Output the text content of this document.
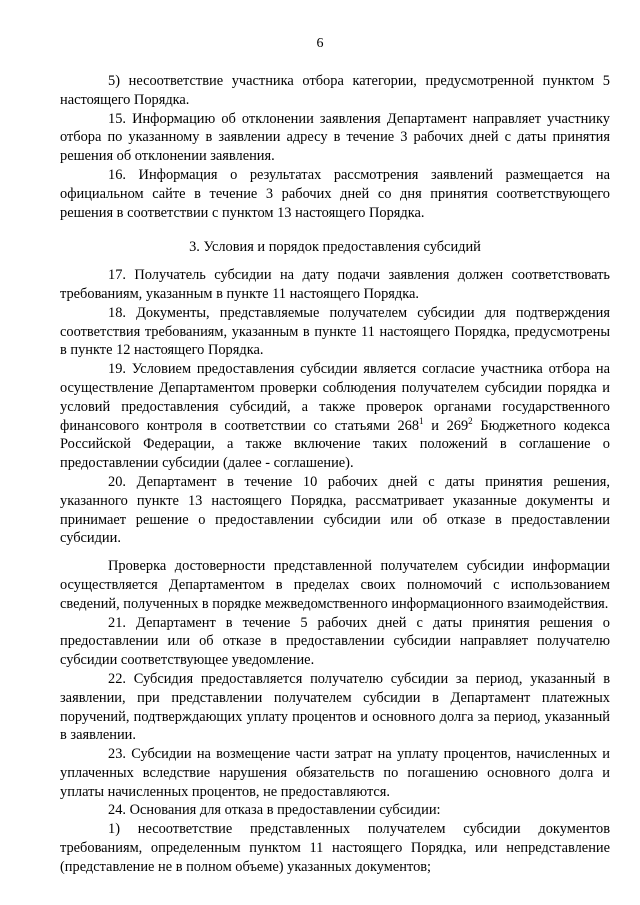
6

5) несоответствие участника отбора категории, предусмотренной пунктом 5 настоящего Порядка.

15. Информацию об отклонении заявления Департамент направляет участнику отбора по указанному в заявлении адресу в течение 3 рабочих дней с даты принятия решения об отклонении заявления.

16. Информация о результатах рассмотрения заявлений размещается на официальном сайте в течение 3 рабочих дней со дня принятия соответствующего решения в соответствии с пунктом 13 настоящего Порядка.

3. Условия и порядок предоставления субсидий

17. Получатель субсидии на дату подачи заявления должен соответствовать требованиям, указанным в пункте 11 настоящего Порядка.

18. Документы, представляемые получателем субсидии для подтверждения соответствия требованиям, указанным в пункте 11 настоящего Порядка, предусмотрены в пункте 12 настоящего Порядка.

19. Условием предоставления субсидии является согласие участника отбора на осуществление Департаментом проверки соблюдения получателем субсидии порядка и условий предоставления субсидий, а также проверок органами государственного финансового контроля в соответствии со статьями $268^1$ и $269^2$ Бюджетного кодекса Российской Федерации, а также включение таких положений в соглашение о предоставлении субсидии (далее - соглашение).

20. Департамент в течение 10 рабочих дней с даты принятия решения, указанного пункте 13 настоящего Порядка, рассматривает указанные документы и принимает решение о предоставлении субсидии или об отказе в предоставлении субсидии.

Проверка достоверности представленной получателем субсидии информации осуществляется Департаментом в пределах своих полномочий с использованием сведений, полученных в порядке межведомственного информационного взаимодействия.

21. Департамент в течение 5 рабочих дней с даты принятия решения о предоставлении или об отказе в предоставлении субсидии направляет получателю субсидии соответствующее уведомление.

22. Субсидия предоставляется получателю субсидии за период, указанный в заявлении, при представлении получателем субсидии в Департамент платежных поручений, подтверждающих уплату процентов и основного долга за период, указанный в заявлении.

23. Субсидии на возмещение части затрат на уплату процентов, начисленных и уплаченных вследствие нарушения обязательств по погашению основного долга и уплаты начисленных процентов, не предоставляются.

24. Основания для отказа в предоставлении субсидии:

1) несоответствие представленных получателем субсидии документов требованиям, определенным пунктом 11 настоящего Порядка, или непредставление (представление не в полном объеме) указанных документов;
